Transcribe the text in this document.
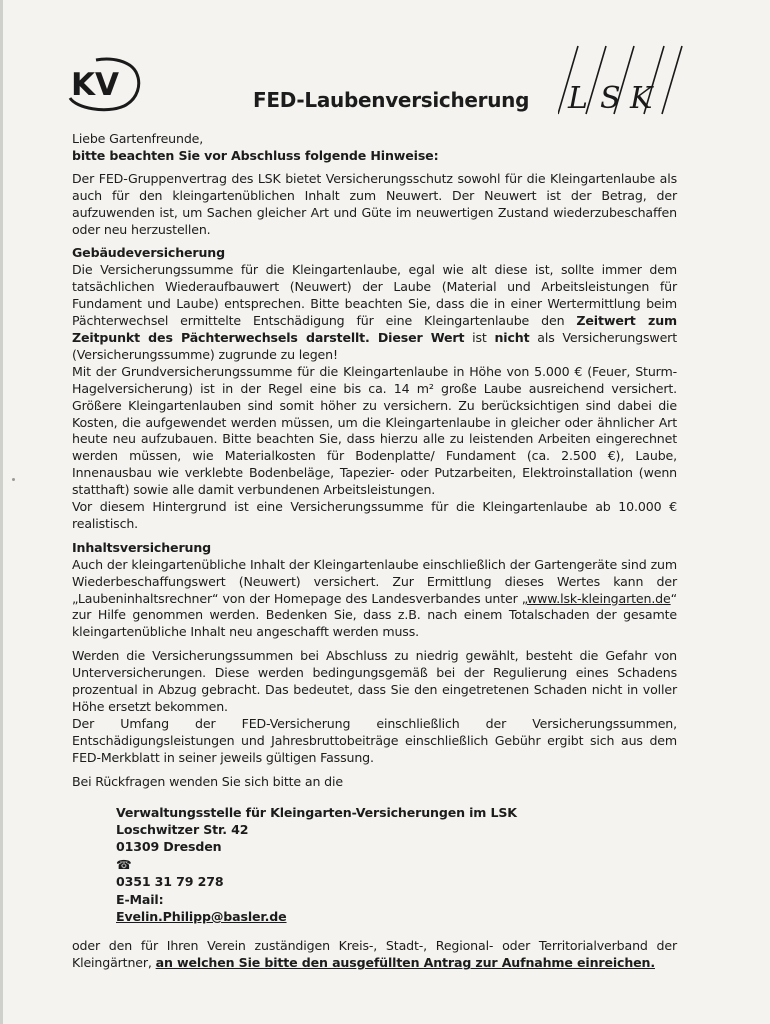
KV	FED-Laubenversicherung L S K

Liebe Gartenfreunde,

bitte beachten Sie vor Abschluss folgende Hinweise:

Der FED-Gruppenvertrag des LSK bietet Versicherungsschutz sowohl für die Kleingartenlaube als auch für den kleingartenüblichen Inhalt zum Neuwert. Der Neuwert ist der Betrag, der aufzuwenden ist, um Sachen gleicher Art und Güte im neuwertigen Zustand wiederzubeschaffen oder neu herzustellen.

Gebäudeversicherung

Die Versicherungssumme für die Kleingartenlaube, egal wie alt diese ist, sollte immer dem tatsächlichen Wiederaufbauwert (Neuwert) der Laube (Material und Arbeitsleistungen für Fundament und Laube) entsprechen. Bitte beachten Sie, dass die in einer Wertermittlung beim Pächterwechsel ermittelte Entschädigung für eine Kleingartenlaube den Zeitwert zum Zeitpunkt des Pächterwechsels darstellt. Dieser Wert ist nicht als Versicherungswert (Versicherungssumme) zugrunde zu legen!

Mit der Grundversicherungssumme für die Kleingartenlaube in Höhe von 5.000 € (Feuer, Sturm-Hagelversicherung) ist in der Regel eine bis ca. 14 m² große Laube ausreichend versichert. Größere Kleingartenlauben sind somit höher zu versichern. Zu berücksichtigen sind dabei die Kosten, die aufgewendet werden müssen, um die Kleingartenlaube in gleicher oder ähnlicher Art heute neu aufzubauen. Bitte beachten Sie, dass hierzu alle zu leistenden Arbeiten eingerechnet werden müssen, wie Materialkosten für Bodenplatte/ Fundament (ca. 2.500 €), Laube, Innenausbau wie verklebte Bodenbeläge, Tapezier- oder Putzarbeiten, Elektroinstallation (wenn statthaft) sowie alle damit verbundenen Arbeitsleistungen.

Vor diesem Hintergrund ist eine Versicherungssumme für die Kleingartenlaube ab 10.000 € realistisch.

Inhaltsversicherung

Auch der kleingartenübliche Inhalt der Kleingartenlaube einschließlich der Gartengeräte sind zum Wiederbeschaffungswert (Neuwert) versichert. Zur Ermittlung dieses Wertes kann der „Laubeninhaltsrechner“ von der Homepage des Landesverbandes unter „www.lsk-kleingarten.de“ zur Hilfe genommen werden. Bedenken Sie, dass z.B. nach einem Totalschaden der gesamte kleingartenübliche Inhalt neu angeschafft werden muss.

Werden die Versicherungssummen bei Abschluss zu niedrig gewählt, besteht die Gefahr von Unterversicherungen. Diese werden bedingungsgemäß bei der Regulierung eines Schadens prozentual in Abzug gebracht. Das bedeutet, dass Sie den eingetretenen Schaden nicht in voller Höhe ersetzt bekommen.

Der Umfang der FED-Versicherung einschließlich der Versicherungssummen, Entschädigungsleistungen und Jahresbruttobeiträge einschließlich Gebühr ergibt sich aus dem FED-Merkblatt in seiner jeweils gültigen Fassung.

Bei Rückfragen wenden Sie sich bitte an die

Verwaltungsstelle für Kleingarten-Versicherungen im LSK
Loschwitzer Str. 42
01309 Dresden
☎
0351 31 79 278
E-Mail:
Evelin.Philipp@basler.de

oder den für Ihren Verein zuständigen Kreis-, Stadt-, Regional- oder Territorialverband der Kleingärtner, an welchen Sie bitte den ausgefüllten Antrag zur Aufnahme einreichen.
